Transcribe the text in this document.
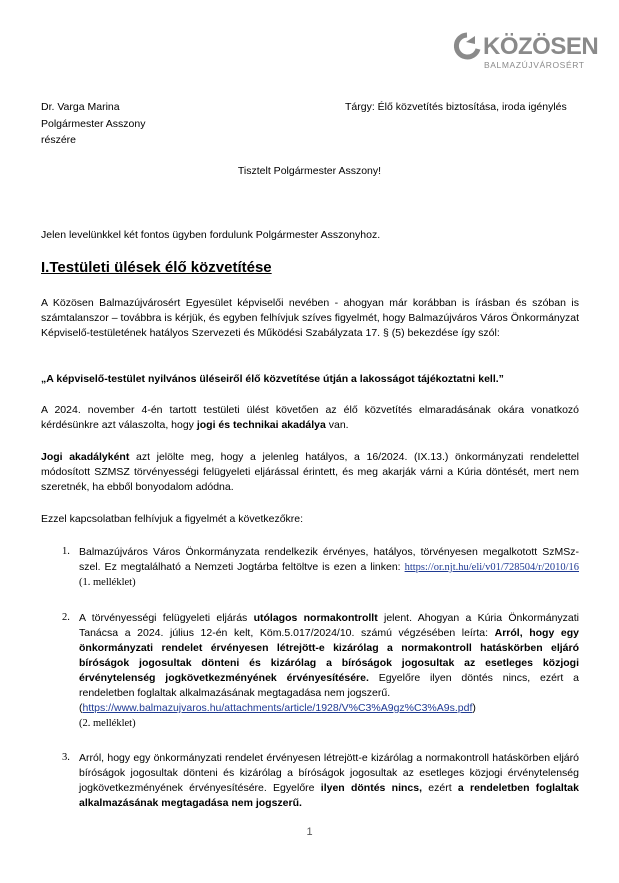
KÖZÖSEN
BALMAZÚJVÁROSÉRT
Dr. Varga Marina
Polgármester Asszony
részére
Tárgy: Élő közvetítés biztosítása, iroda igénylés
Tisztelt Polgármester Asszony!
Jelen levelünkkel két fontos ügyben fordulunk Polgármester Asszonyhoz.
I.Testületi ülések élő közvetítése
A Közösen Balmazújvárosért Egyesület képviselői nevében - ahogyan már korábban is írásban és szóban is számtalanszor – továbbra is kérjük, és egyben felhívjuk szíves figyelmét, hogy Balmazújváros Város Önkormányzat Képviselő-testületének hatályos Szervezeti és Működési Szabályzata 17. § (5) bekezdése így szól:
„A képviselő-testület nyilvános üléseiről élő közvetítése útján a lakosságot tájékoztatni kell.”
A 2024. november 4-én tartott testületi ülést követően az élő közvetítés elmaradásának okára vonatkozó kérdésünkre azt válaszolta, hogy jogi és technikai akadálya van.
Jogi akadályként azt jelölte meg, hogy a jelenleg hatályos, a 16/2024. (IX.13.) önkormányzati rendelettel módosított SZMSZ törvényességi felügyeleti eljárással érintett, és meg akarják várni a Kúria döntését, mert nem szeretnék, ha ebből bonyodalom adódna.
Ezzel kapcsolatban felhívjuk a figyelmét a következőkre:
1. Balmazújváros Város Önkormányzata rendelkezik érvényes, hatályos, törvényesen megalkotott SzMSz-szel. Ez megtalálható a Nemzeti Jogtárba feltöltve is ezen a linken: https://or.njt.hu/eli/v01/728504/r/2010/16 (1. melléklet)
2. A törvényességi felügyeleti eljárás utólagos normakontrollt jelent. Ahogyan a Kúria Önkormányzati Tanácsa a 2024. július 12-én kelt, Köm.5.017/2024/10. számú végzésében leírta: Arról, hogy egy önkormányzati rendelet érvényesen létrejött-e kizárólag a normakontroll hatáskörben eljáró bíróságok jogosultak dönteni és kizárólag a bíróságok jogosultak az esetleges közjogi érvénytelenség jogkövetkezményének érvényesítésére. Egyelőre ilyen döntés nincs, ezért a rendeletben foglaltak alkalmazásának megtagadása nem jogszerű.
(https://www.balmazujvaros.hu/attachments/article/1928/V%C3%A9gz%C3%A9s.pdf)
(2. melléklet)
3. Arról, hogy egy önkormányzati rendelet érvényesen létrejött-e kizárólag a normakontroll hatáskörben eljáró bíróságok jogosultak dönteni és kizárólag a bíróságok jogosultak az esetleges közjogi érvénytelenség jogkövetkezményének érvényesítésére. Egyelőre ilyen döntés nincs, ezért a rendeletben foglaltak alkalmazásának megtagadása nem jogszerű.
1
